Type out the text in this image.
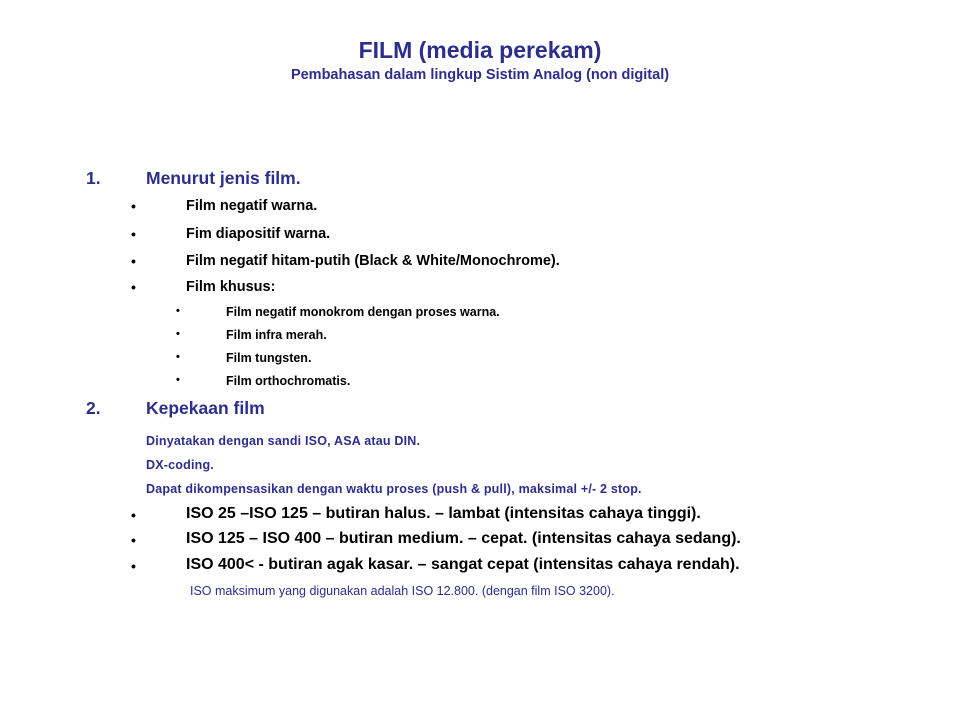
FILM (media perekam)
Pembahasan dalam lingkup Sistim Analog (non digital)
1.	Menurut jenis film.
•	Film negatif warna.
•	Fim diapositif warna.
•	Film negatif hitam-putih (Black & White/Monochrome).
•	Film khusus:
•	Film negatif monokrom dengan proses warna.
•	Film infra merah.
•	Film tungsten.
•	Film orthochromatis.
2.	Kepekaan film
Dinyatakan dengan sandi ISO, ASA atau DIN.
DX-coding.
Dapat dikompensasikan dengan waktu proses (push & pull), maksimal +/- 2 stop.
•	ISO 25 –ISO 125 – butiran halus. – lambat (intensitas cahaya tinggi).
•	ISO 125 – ISO 400 – butiran medium. – cepat. (intensitas cahaya sedang).
•	ISO 400< - butiran agak kasar. – sangat cepat (intensitas cahaya rendah).
ISO maksimum yang digunakan adalah ISO 12.800. (dengan film ISO 3200).
